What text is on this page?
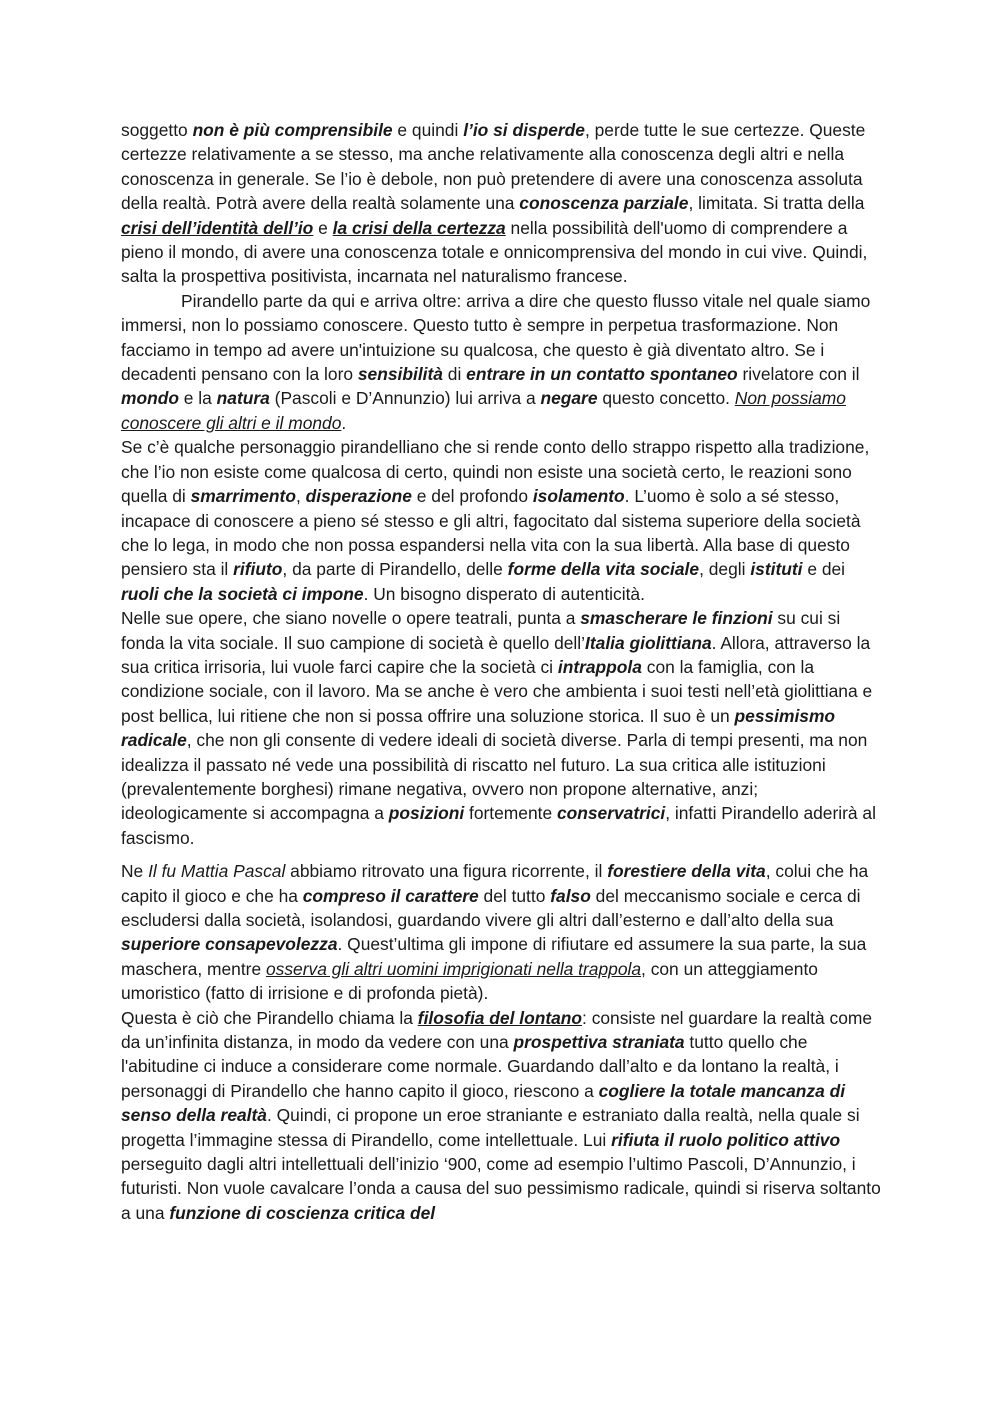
soggetto non è più comprensibile e quindi l’io si disperde, perde tutte le sue certezze. Queste certezze relativamente a se stesso, ma anche relativamente alla conoscenza degli altri e nella conoscenza in generale. Se l’io è debole, non può pretendere di avere una conoscenza assoluta della realtà. Potrà avere della realtà solamente una conoscenza parziale, limitata. Si tratta della crisi dell’identità dell’io e la crisi della certezza nella possibilità dell'uomo di comprendere a pieno il mondo, di avere una conoscenza totale e onnicomprensiva del mondo in cui vive. Quindi, salta la prospettiva positivista, incarnata nel naturalismo francese.

Pirandello parte da qui e arriva oltre: arriva a dire che questo flusso vitale nel quale siamo immersi, non lo possiamo conoscere. Questo tutto è sempre in perpetua trasformazione. Non facciamo in tempo ad avere un'intuizione su qualcosa, che questo è già diventato altro. Se i decadenti pensano con la loro sensibilità di entrare in un contatto spontaneo rivelatore con il mondo e la natura (Pascoli e D’Annunzio) lui arriva a negare questo concetto. Non possiamo conoscere gli altri e il mondo.

Se c’è qualche personaggio pirandelliano che si rende conto dello strappo rispetto alla tradizione, che l’io non esiste come qualcosa di certo, quindi non esiste una società certo, le reazioni sono quella di smarrimento, disperazione e del profondo isolamento. L’uomo è solo a sé stesso, incapace di conoscere a pieno sé stesso e gli altri, fagocitato dal sistema superiore della società che lo lega, in modo che non possa espandersi nella vita con la sua libertà. Alla base di questo pensiero sta il rifiuto, da parte di Pirandello, delle forme della vita sociale, degli istituti e dei ruoli che la società ci impone. Un bisogno disperato di autenticità.

Nelle sue opere, che siano novelle o opere teatrali, punta a smascherare le finzioni su cui si fonda la vita sociale. Il suo campione di società è quello dell’Italia giolittiana. Allora, attraverso la sua critica irrisoria, lui vuole farci capire che la società ci intrappola con la famiglia, con la condizione sociale, con il lavoro. Ma se anche è vero che ambienta i suoi testi nell’età giolittiana e post bellica, lui ritiene che non si possa offrire una soluzione storica. Il suo è un pessimismo radicale, che non gli consente di vedere ideali di società diverse. Parla di tempi presenti, ma non idealizza il passato né vede una possibilità di riscatto nel futuro. La sua critica alle istituzioni (prevalentemente borghesi) rimane negativa, ovvero non propone alternative, anzi; ideologicamente si accompagna a posizioni fortemente conservatrici, infatti Pirandello aderirà al fascismo.

Ne Il fu Mattia Pascal abbiamo ritrovato una figura ricorrente, il forestiere della vita, colui che ha capito il gioco e che ha compreso il carattere del tutto falso del meccanismo sociale e cerca di escludersi dalla società, isolandosi, guardando vivere gli altri dall’esterno e dall’alto della sua superiore consapevolezza. Quest’ultima gli impone di rifiutare ed assumere la sua parte, la sua maschera, mentre osserva gli altri uomini imprigionati nella trappola, con un atteggiamento umoristico (fatto di irrisione e di profonda pietà).

Questa è ciò che Pirandello chiama la filosofia del lontano: consiste nel guardare la realtà come da un’infinita distanza, in modo da vedere con una prospettiva straniata tutto quello che l'abitudine ci induce a considerare come normale. Guardando dall’alto e da lontano la realtà, i personaggi di Pirandello che hanno capito il gioco, riescono a cogliere la totale mancanza di senso della realtà. Quindi, ci propone un eroe straniante e estraniato dalla realtà, nella quale si progetta l’immagine stessa di Pirandello, come intellettuale. Lui rifiuta il ruolo politico attivo perseguito dagli altri intellettuali dell’inizio ‘900, come ad esempio l’ultimo Pascoli, D’Annunzio, i futuristi. Non vuole cavalcare l’onda a causa del suo pessimismo radicale, quindi si riserva soltanto a una funzione di coscienza critica del
